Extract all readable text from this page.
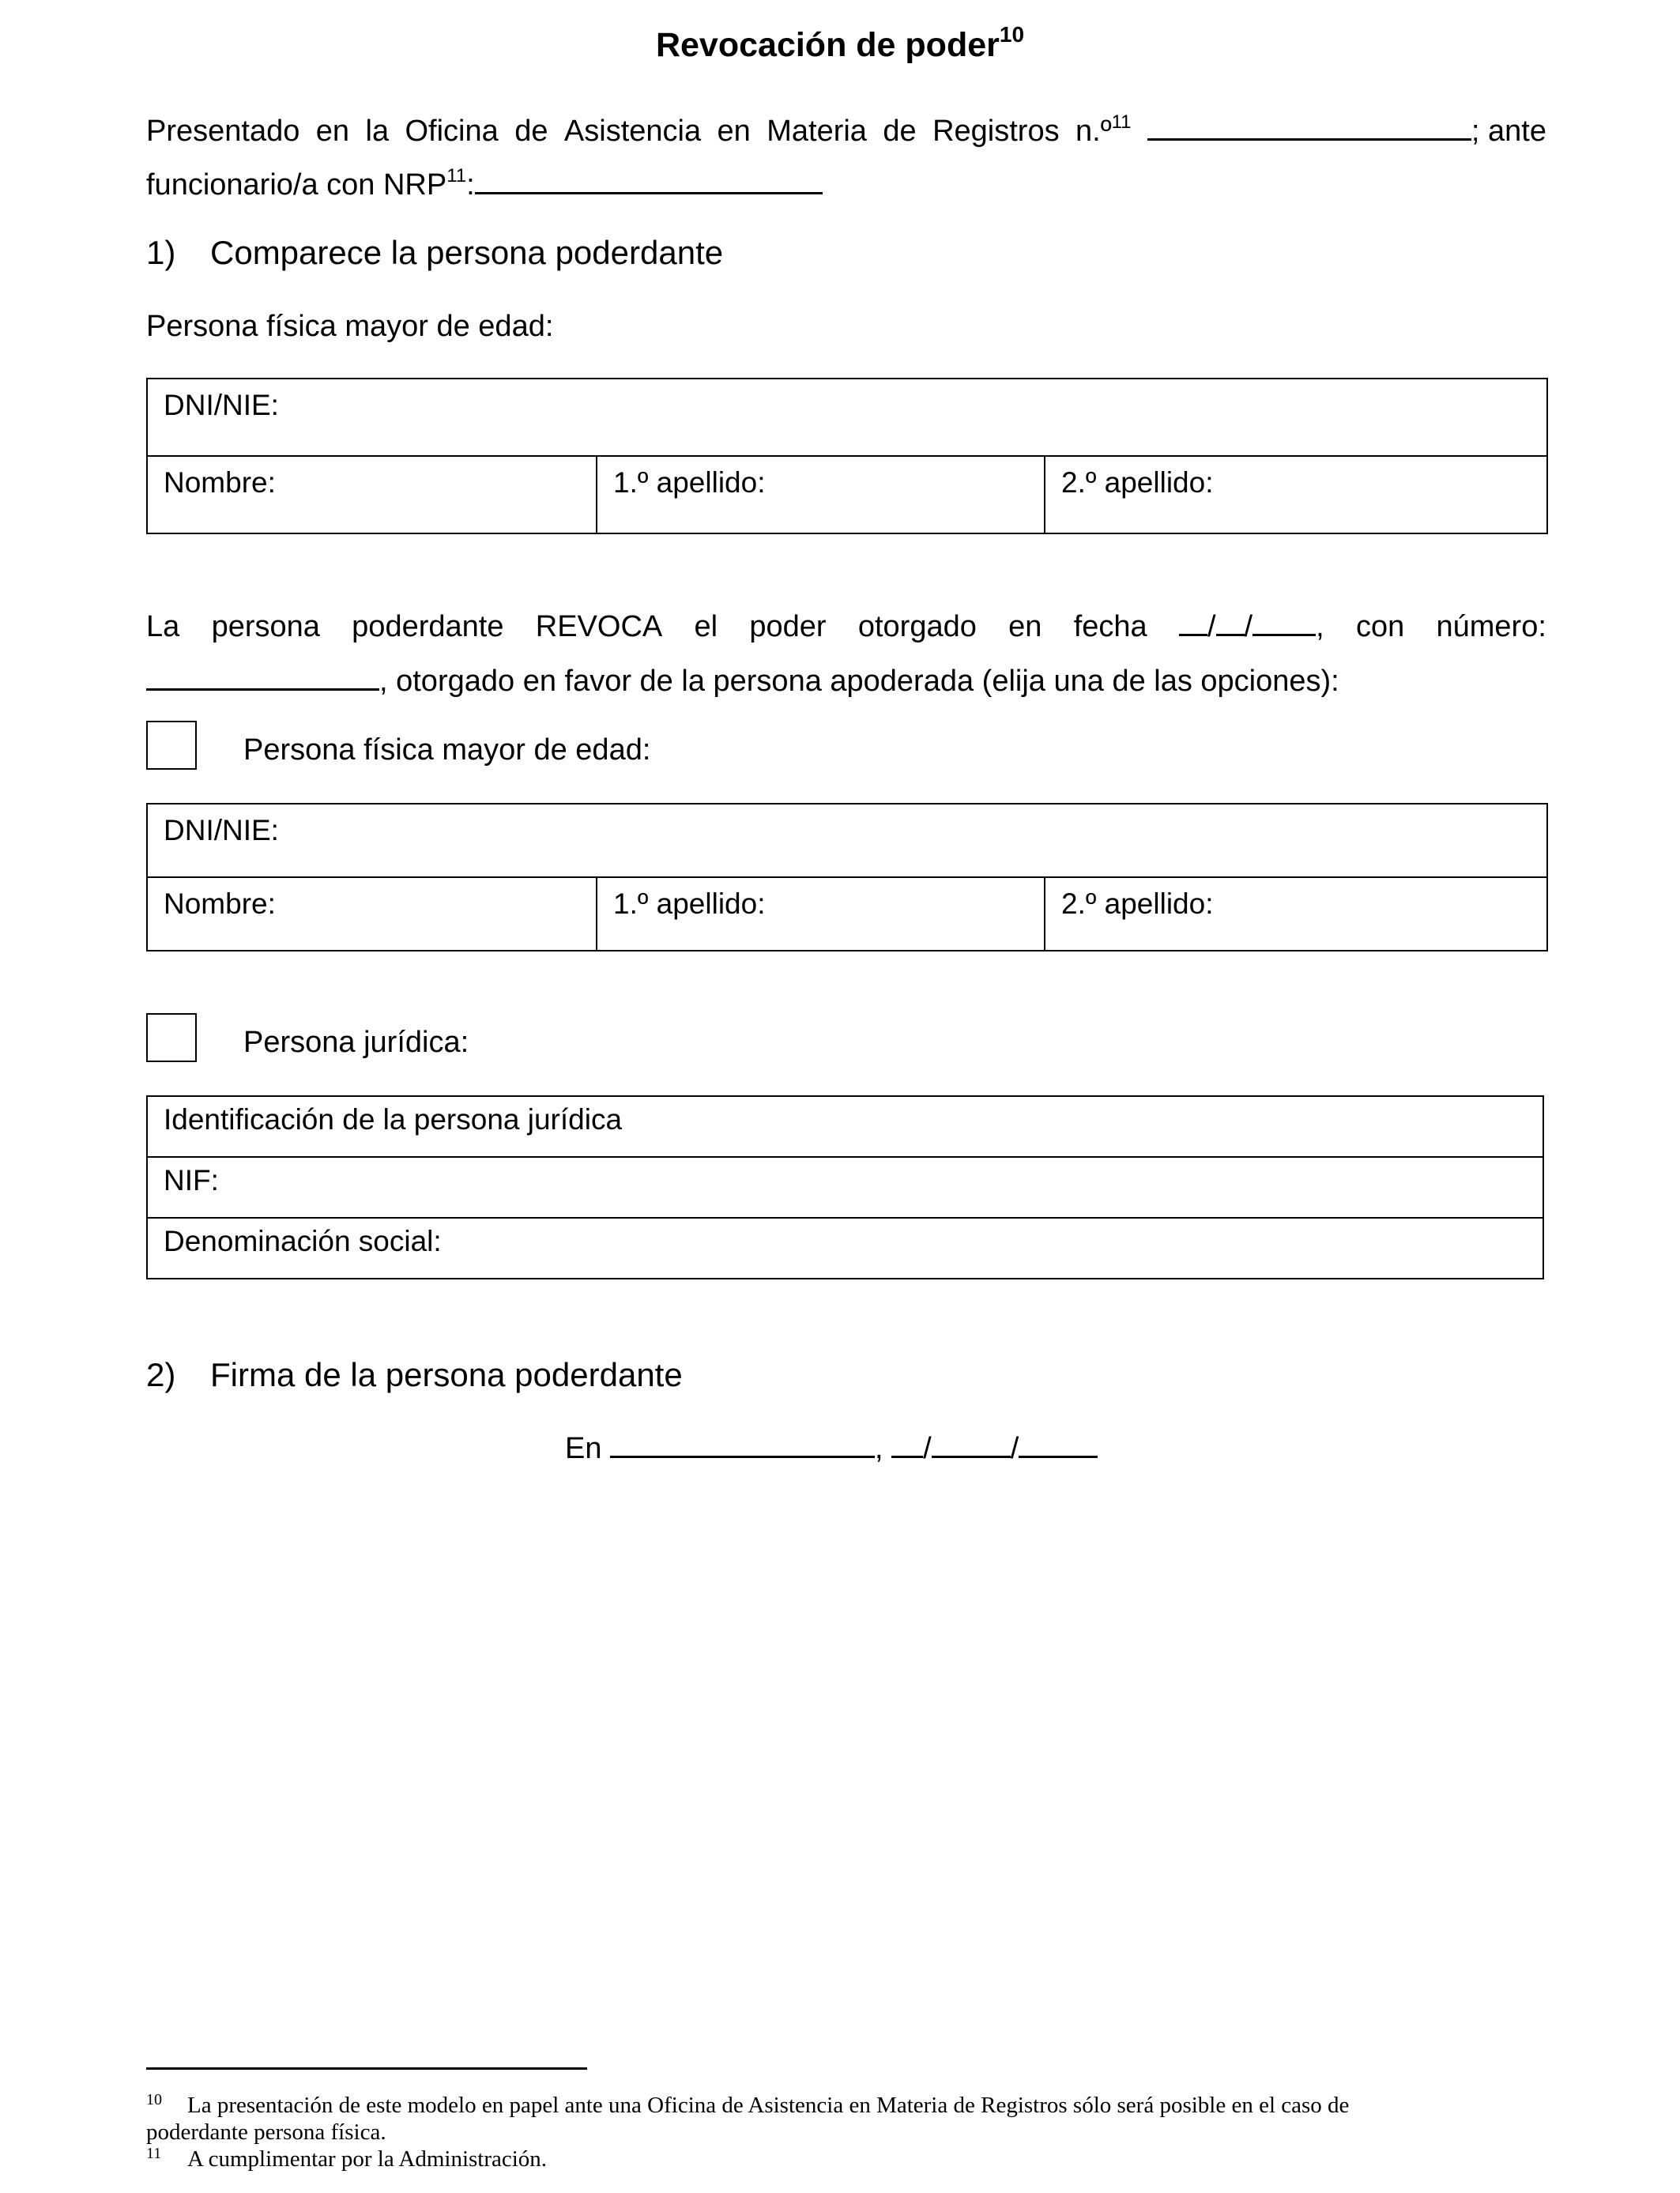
Revocación de poder$^{10}$
Presentado en la Oficina de Asistencia en Materia de Registros n.º$^{11}$	; ante
funcionario/a con NRP$^{11}$:
1) Comparece la persona poderdante
Persona física mayor de edad:
DNI/NIE:
Nombre:	1.º apellido:	2.º apellido:
La persona poderdante REVOCA el poder otorgado en fecha	/ / , con número:
, otorgado en favor de la persona apoderada (elija una de las opciones):
Persona física mayor de edad:
DNI/NIE:
Nombre:	1.º apellido:	2.º apellido:
Persona jurídica:
Identificación de la persona jurídica
NIF:
Denominación social:
2) Firma de la persona poderdante
En	, /	/
10 La presentación de este modelo en papel ante una Oficina de Asistencia en Materia de Registros sólo será posible en el caso de
poderdante persona física.
11 A cumplimentar por la Administración.
